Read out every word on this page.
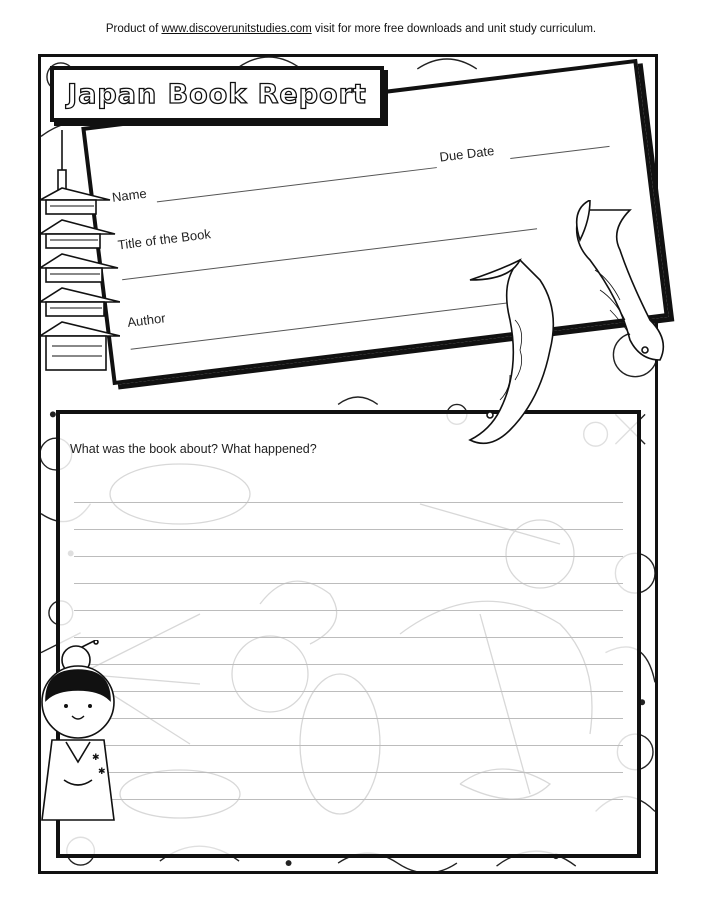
Product of www.discoverunitstudies.com visit for more free downloads and unit study curriculum.
Due Date
Name
Title of the Book
Author
Japan Book Report
What was the book about? What happened?
✱
✱
